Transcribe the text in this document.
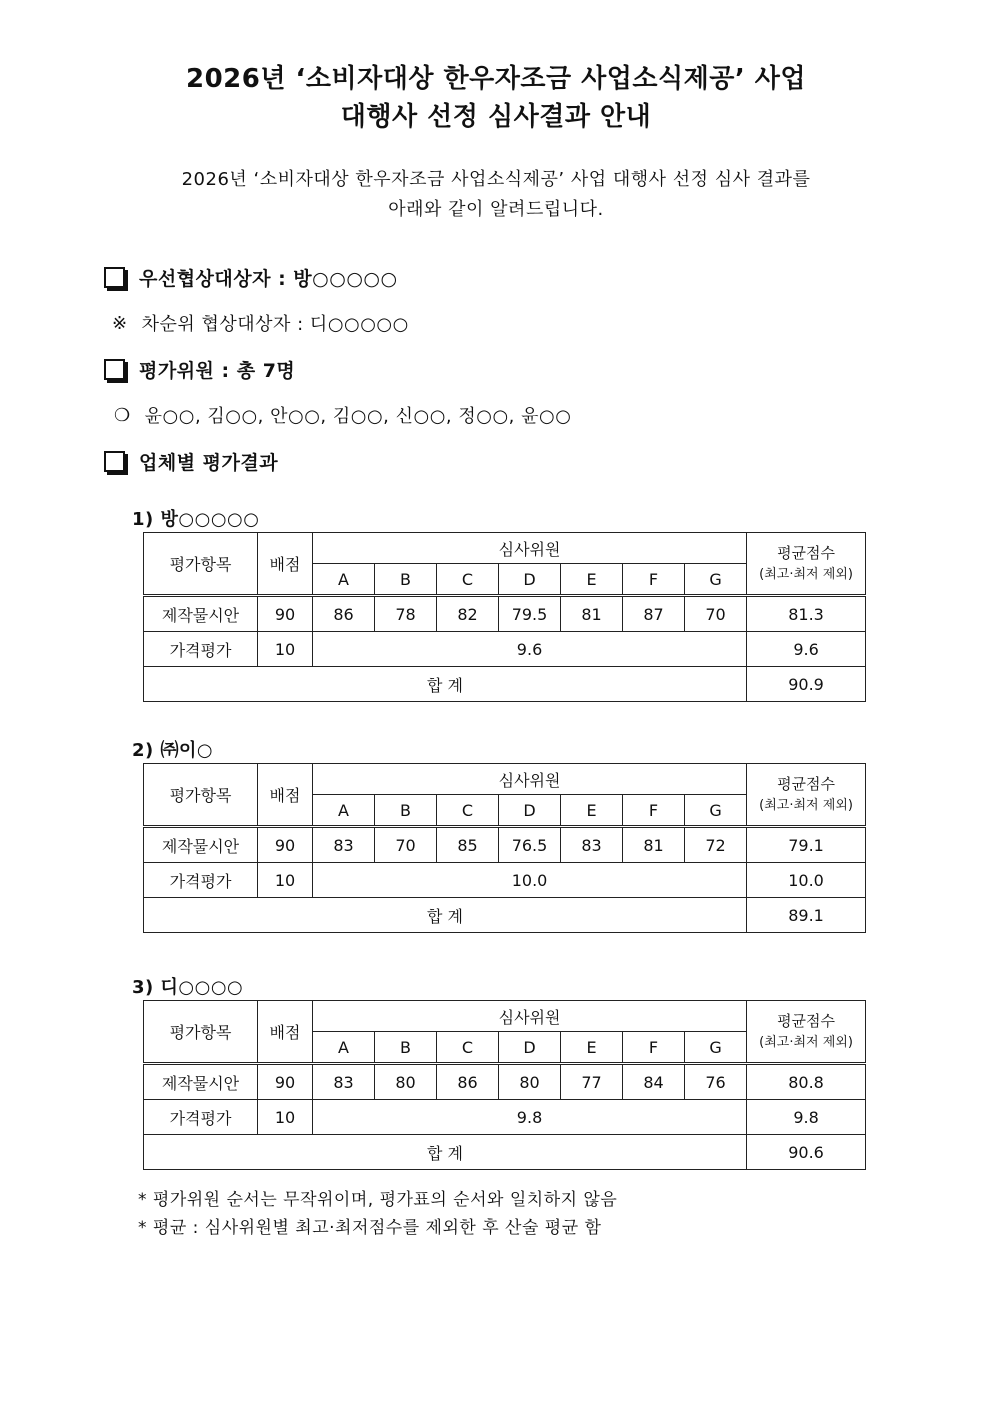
2026년 ‘소비자대상 한우자조금 사업소식제공’ 사업
대행사 선정 심사결과 안내
2026년 ‘소비자대상 한우자조금 사업소식제공’ 사업 대행사 선정 심사 결과를
아래와 같이 알려드립니다.
우선협상대상자 : 방○○○○○
※ 차순위 협상대상자 : 디○○○○○
평가위원 : 총 7명
❍ 윤○○, 김○○, 안○○, 김○○, 신○○, 정○○, 윤○○
업체별 평가결과
1) 방○○○○○
평가항목	배점	심사위원							평균점수
(최고·최저 제외)
		A	B	C	D	E	F	G	
제작물시안	90	86	78	82	79.5	81	87	70	81.3
가격평가	10	9.6							9.6
합 계									90.9
2) ㈜이○
평가항목	배점	심사위원							평균점수
(최고·최저 제외)
		A	B	C	D	E	F	G	
제작물시안	90	83	70	85	76.5	83	81	72	79.1
가격평가	10	10.0							10.0
합 계									89.1
3) 디○○○○
평가항목	배점	심사위원							평균점수
(최고·최저 제외)
		A	B	C	D	E	F	G	
제작물시안	90	83	80	86	80	77	84	76	80.8
가격평가	10	9.8							9.8
합 계									90.6
* 평가위원 순서는 무작위이며, 평가표의 순서와 일치하지 않음
* 평균 : 심사위원별 최고·최저점수를 제외한 후 산술 평균 함
